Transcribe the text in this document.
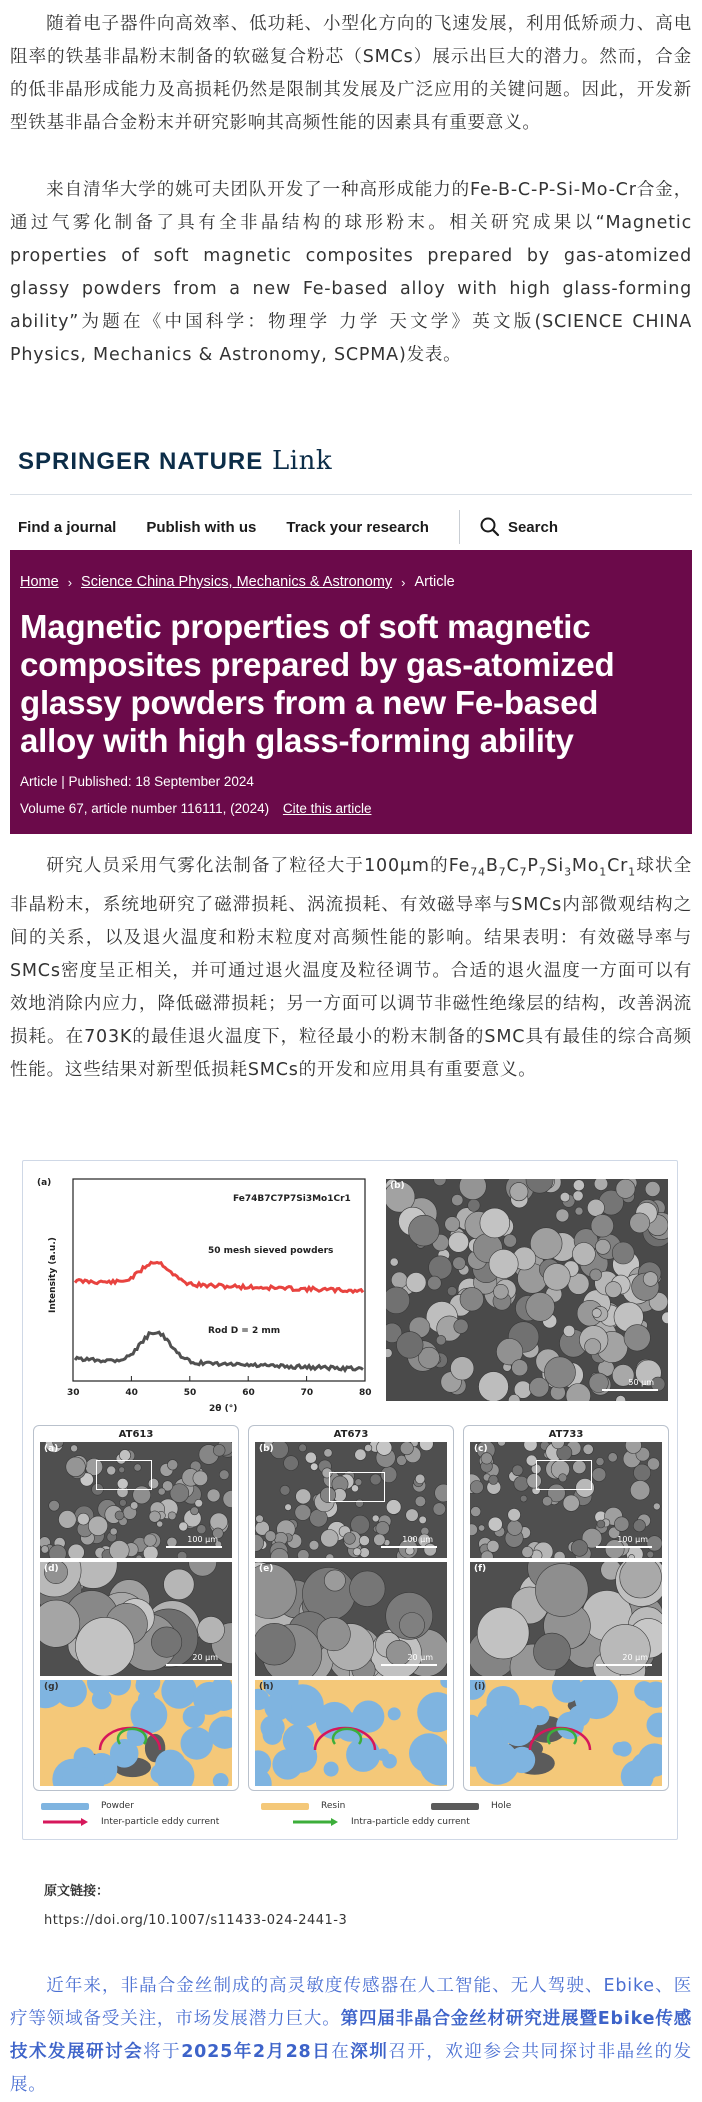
随着电子器件向高效率、低功耗、小型化方向的飞速发展，利用低矫顽力、高电阻率的铁基非晶粉末制备的软磁复合粉芯（SMCs）展示出巨大的潜力。然而，合金的低非晶形成能力及高损耗仍然是限制其发展及广泛应用的关键问题。因此，开发新型铁基非晶合金粉末并研究影响其高频性能的因素具有重要意义。

来自清华大学的姚可夫团队开发了一种高形成能力的Fe-B-C-P-Si-Mo-Cr合金，通过气雾化制备了具有全非晶结构的球形粉末。相关研究成果以“Magnetic properties of soft magnetic composites prepared by gas-atomized glassy powders from a new Fe-based alloy with high glass-forming ability”为题在《中国科学：物理学 力学 天文学》英文版(SCIENCE CHINA Physics, Mechanics & Astronomy, SCPMA)发表。

SPRINGER NATURE Link
Find a journal Publish with us Track your research	Search
Home › Science China Physics, Mechanics & Astronomy › Article
Magnetic properties of soft magnetic composites prepared by gas-atomized glassy powders from a new Fe-based alloy with high glass-forming ability
Article | Published: 18 September 2024
Volume 67, article number 116111, (2024) Cite this article

研究人员采用气雾化法制备了粒径大于100μm的$Fe_{74}B_7C_7P_7Si_3Mo_1Cr_1$球状全非晶粉末，系统地研究了磁滞损耗、涡流损耗、有效磁导率与SMCs内部微观结构之间的关系，以及退火温度和粉末粒度对高频性能的影响。结果表明：有效磁导率与SMCs密度呈正相关，并可通过退火温度及粒径调节。合适的退火温度一方面可以有效地消除内应力，降低磁滞损耗；另一方面可以调节非磁性绝缘层的结构，改善涡流损耗。在703K的最佳退火温度下，粒径最小的粉末制备的SMC具有最佳的综合高频性能。这些结果对新型低损耗SMCs的开发和应用具有重要意义。

(a)
Fe74B7C7P7Si3Mo1Cr1
50 mesh sieved powders
Rod D = 2 mm
Intensity (a.u.)
30	40	50	60	70	80
2θ (°)
(b)
50 μm
AT613
(a)
100 μm
(d)
20 μm
(g)
AT673
(b)
100 μm
(e)
20 μm
(h)
AT733
(c)
100 μm
(f)
20 μm
(i)
Powder	Resin	Hole
Inter-particle eddy current	Intra-particle eddy current
原文链接：
https://doi.org/10.1007/s11433-024-2441-3

近年来，非晶合金丝制成的高灵敏度传感器在人工智能、无人驾驶、Ebike、医疗等领域备受关注，市场发展潜力巨大。第四届非晶合金丝材研究进展暨Ebike传感技术发展研讨会将于2025年2月28日在深圳召开，欢迎参会共同探讨非晶丝的发展。
